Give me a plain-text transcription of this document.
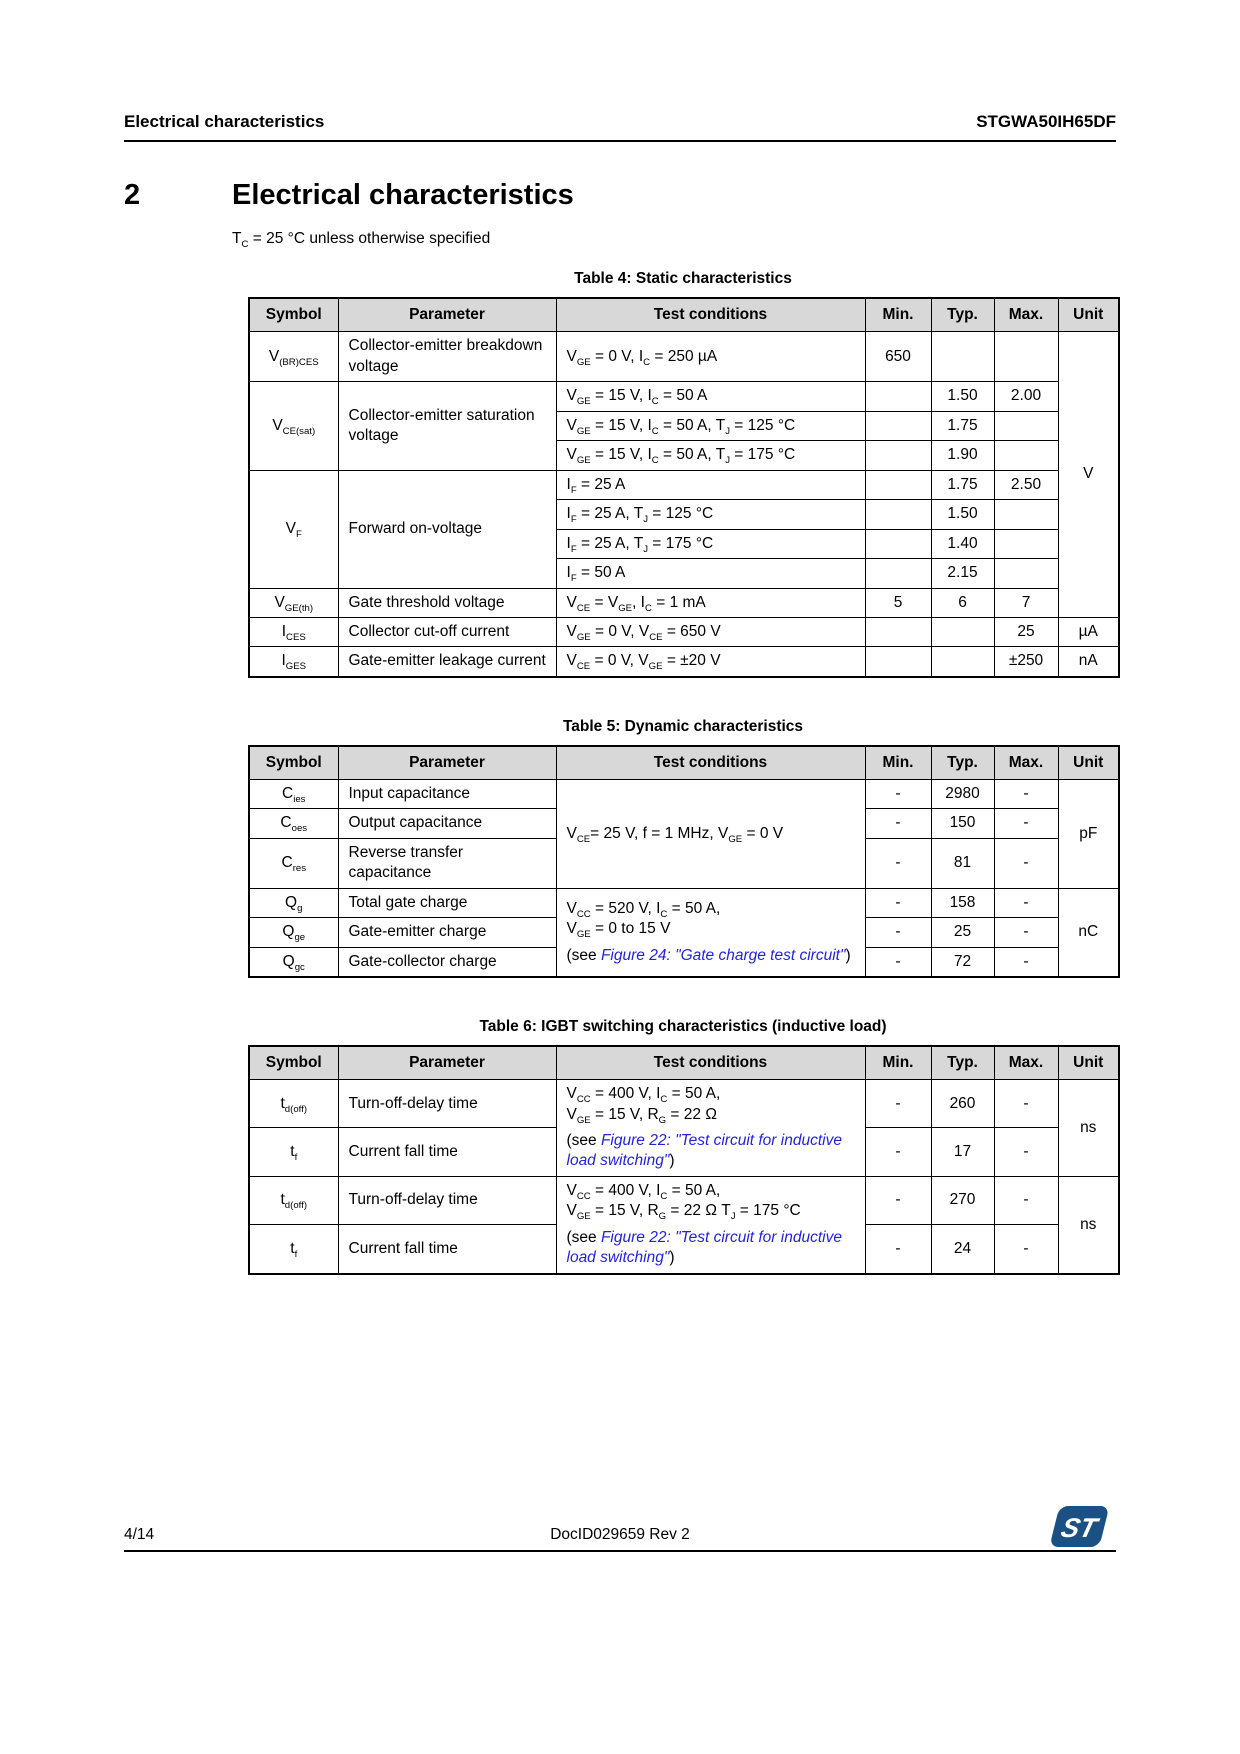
Electrical characteristics	STGWA50IH65DF
2	Electrical characteristics

$T_C = 25$ °C unless otherwise specified

Table 4: Static characteristics
Symbol	Parameter	Test conditions	Min.	Typ.	Max.	Unit

$V_{(BR)CES}$	Collector-emitter breakdown voltage	$V_{GE} = 0$ V, $I_C = 250$ µA	650			V

$V_{CE(sat)}$	Collector-emitter saturation voltage	$V_{GE} = 15$ V, $I_C = 50$ A		1.50	2.00	

		$V_{GE} = 15$ V, $I_C = 50$ A, $T_J = 125$ °C		1.75		

		$V_{GE} = 15$ V, $I_C = 50$ A, $T_J = 175$ °C		1.90		

$V_F$	Forward on-voltage	$I_F = 25$ A		1.75	2.50	

		$I_F = 25$ A, $T_J = 125$ °C		1.50		

		$I_F = 25$ A, $T_J = 175$ °C		1.40		

		$I_F = 50$ A		2.15		

$V_{GE(th)}$	Gate threshold voltage	$V_{CE} = V_{GE}$, $I_C = 1$ mA	5	6	7	

$I_{CES}$	Collector cut-off current	$V_{GE} = 0$ V, $V_{CE} = 650$ V			25	µA

$I_{GES}$	Gate-emitter leakage current	$V_{CE} = 0$ V, $V_{GE} = \pm 20$ V			±250	nA
Table 5: Dynamic characteristics
Symbol	Parameter	Test conditions	Min.	Typ.	Max.	Unit

$C_{ies}$	Input capacitance	$V_{CE}= 25$ V, f = 1 MHz, $V_{GE} = 0$ V	-	2980	-	pF

$C_{oes}$	Output capacitance		-	150	-	

$C_{res}$	Reverse transfer capacitance		-	81	-	

$Q_g$	Total gate charge	$V_{CC} = 520$ V, $I_C = 50$ A,
$V_{GE} = 0$ to 15 V
(see Figure 24: "Gate charge test circuit")	-	158	-	nC

$Q_{ge}$	Gate-emitter charge		-	25	-	

$Q_{gc}$	Gate-collector charge		-	72	-	
Table 6: IGBT switching characteristics (inductive load)
Symbol	Parameter	Test conditions	Min.	Typ.	Max.	Unit

$t_{d(off)}$	Turn-off-delay time	$V_{CC} = 400$ V, $I_C = 50$ A,
$V_{GE} = 15$ V, $R_G = 22$ Ω
(see Figure 22: "Test circuit for inductive load switching")	-	260	-	ns

$t_f$	Current fall time		-	17	-	

$t_{d(off)}$	Turn-off-delay time	$V_{CC} = 400$ V, $I_C = 50$ A,
$V_{GE} = 15$ V, $R_G = 22$ Ω $T_J = 175$ °C
(see Figure 22: "Test circuit for inductive load switching")	-	270	-	ns

$t_f$	Current fall time		-	24	-	
4/14	DocID029659 Rev 2	ST
